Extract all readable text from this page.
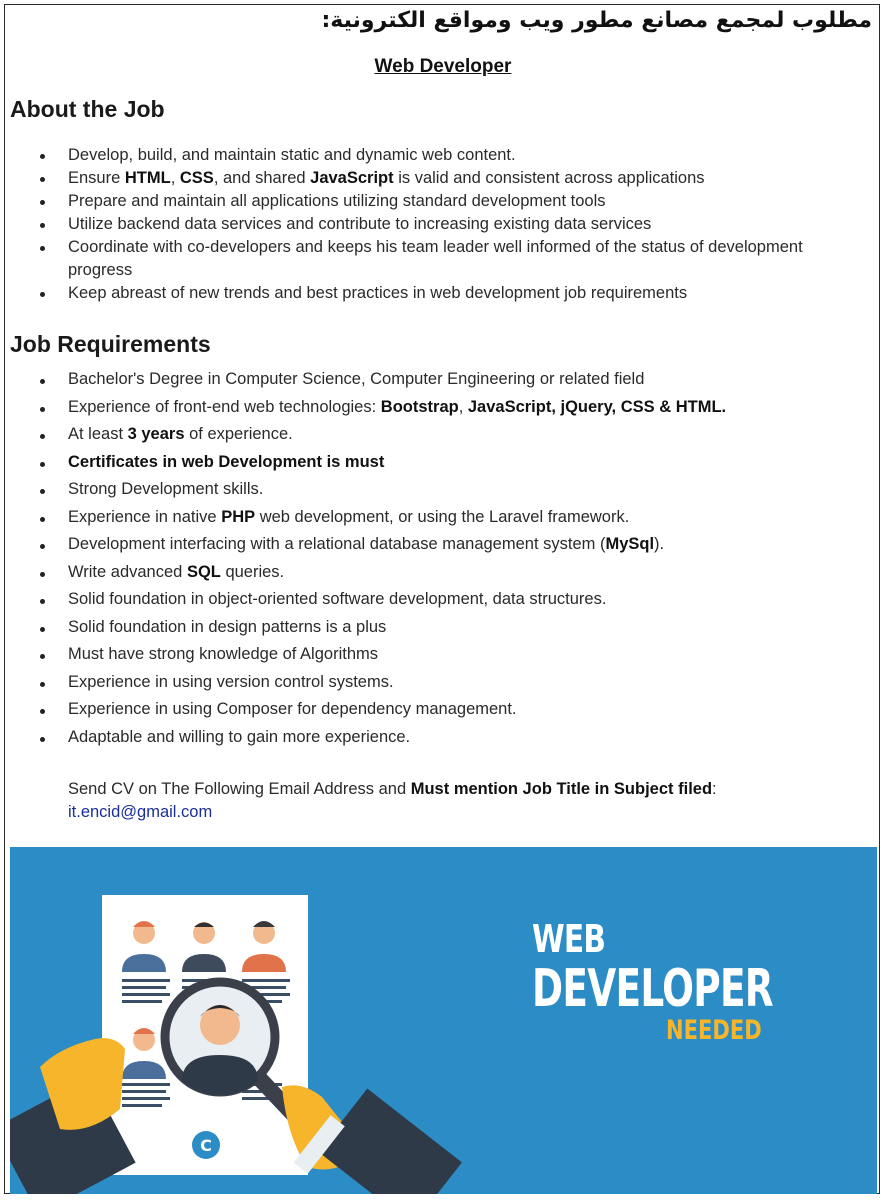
مطلوب لمجمع مصانع مطور ويب ومواقع الكترونية:
Web Developer
About the Job
Develop, build, and maintain static and dynamic web content.
Ensure HTML, CSS, and shared JavaScript is valid and consistent across applications
Prepare and maintain all applications utilizing standard development tools
Utilize backend data services and contribute to increasing existing data services
Coordinate with co-developers and keeps his team leader well informed of the status of development progress
Keep abreast of new trends and best practices in web development job requirements
Job Requirements
Bachelor's Degree in Computer Science, Computer Engineering or related field
Experience of front-end web technologies: Bootstrap, JavaScript, jQuery, CSS & HTML.
At least 3 years of experience.
Certificates in web Development is must
Strong Development skills.
Experience in native PHP web development, or using the Laravel framework.
Development interfacing with a relational database management system (MySql).
Write advanced SQL queries.
Solid foundation in object-oriented software development, data structures.
Solid foundation in design patterns is a plus
Must have strong knowledge of Algorithms
Experience in using version control systems.
Experience in using Composer for dependency management.
Adaptable and willing to gain more experience.
Send CV on The Following Email Address and Must mention Job Title in Subject filed:
it.encid@gmail.com
C
WEB
DEVELOPER
NEEDED
